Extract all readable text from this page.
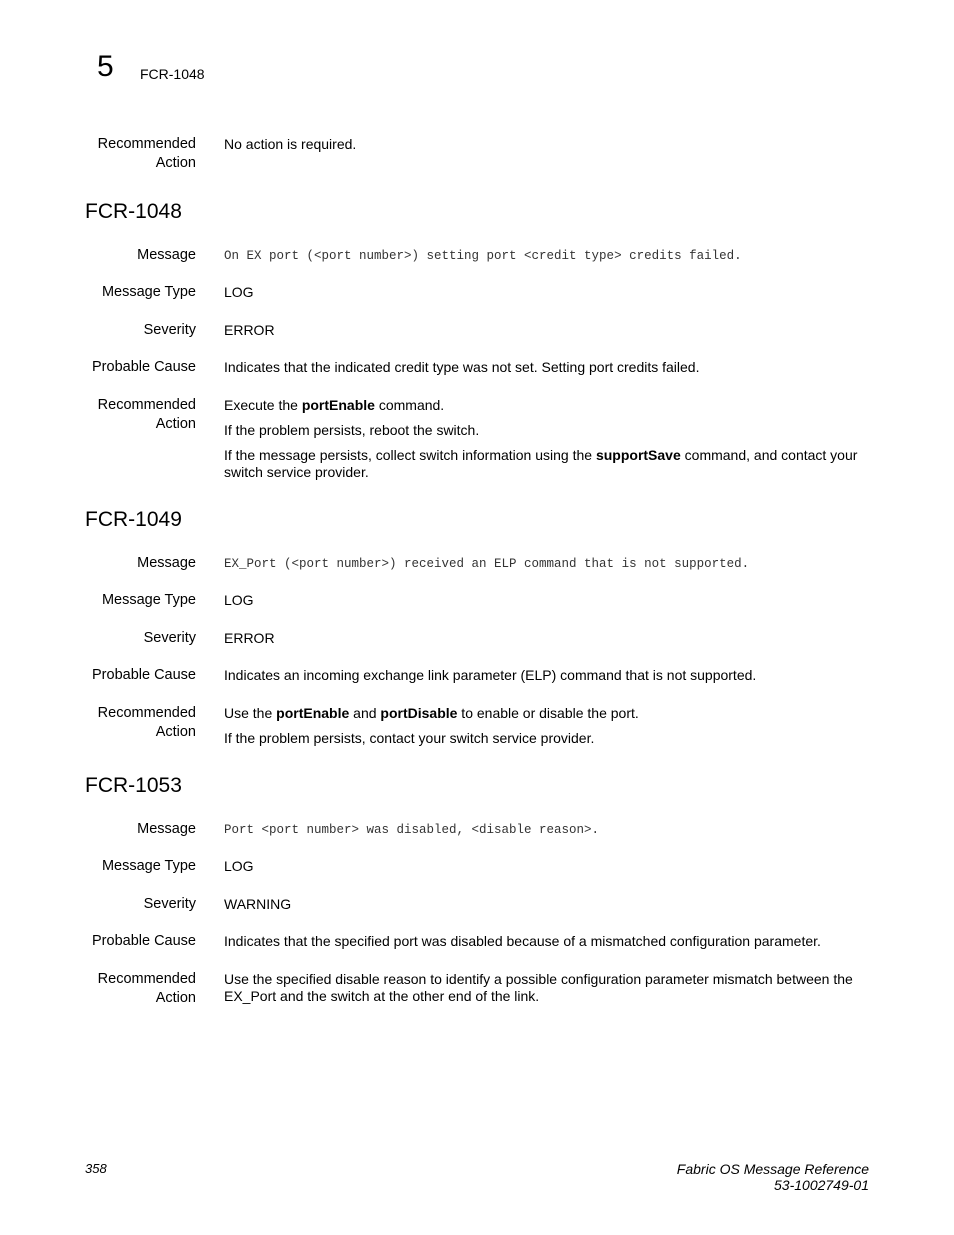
5 FCR-1048
Recommended
Action
No action is required.
FCR-1048
Message On EX port (<port number>) setting port <credit type> credits failed.
Message Type LOG
Severity ERROR
Probable Cause Indicates that the indicated credit type was not set. Setting port credits failed.
Recommended
Action

Execute the portEnable command.

If the problem persists, reboot the switch.

If the message persists, collect switch information using the supportSave command, and contact your switch service provider.

FCR-1049
Message EX_Port (<port number>) received an ELP command that is not supported.
Message Type LOG
Severity ERROR
Probable Cause Indicates an incoming exchange link parameter (ELP) command that is not supported.
Recommended
Action

Use the portEnable and portDisable to enable or disable the port.

If the problem persists, contact your switch service provider.

FCR-1053
Message Port <port number> was disabled, <disable reason>.
Message Type LOG
Severity WARNING
Probable Cause Indicates that the specified port was disabled because of a mismatched configuration parameter.
Recommended
Action

Use the specified disable reason to identify a possible configuration parameter mismatch between the EX_Port and the switch at the other end of the link.

358	Fabric OS Message Reference
53-1002749-01
